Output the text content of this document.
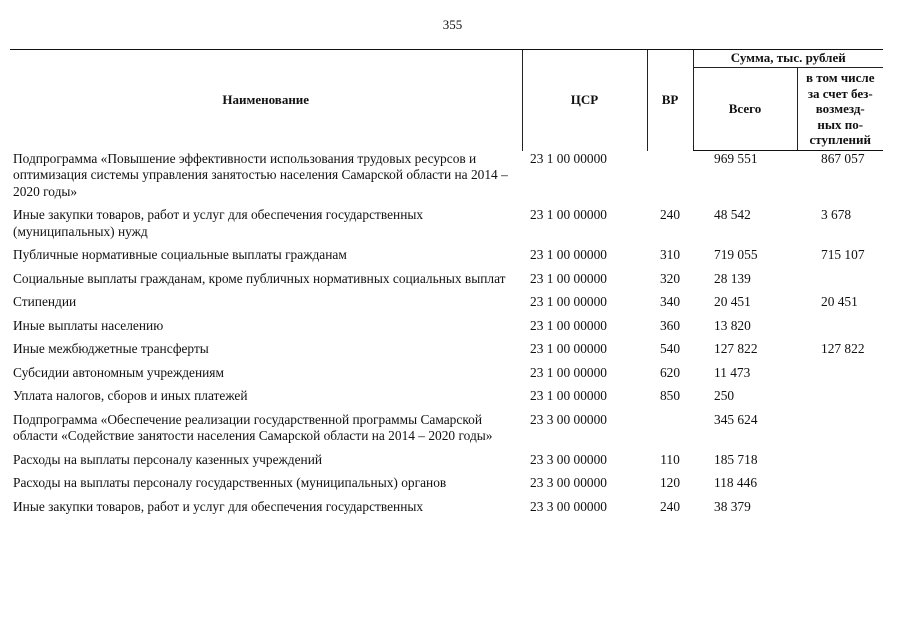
355
Наименование	ЦСР	ВР	Сумма, тыс. рублей	
			Всего	в том числе
за счет без-
возмезд-
ных по-
ступлений
Подпрограмма «Повышение эффективности использования трудовых ресурсов и оптимизация системы управления занятостью населения Самарской области на 2014 – 2020 годы»	23 1 00 00000		969 551	867 057
Иные закупки товаров, работ и услуг для обеспечения государственных (муниципальных) нужд	23 1 00 00000	240	48 542	3 678
Публичные нормативные социальные выплаты гражданам	23 1 00 00000	310	719 055	715 107
Социальные выплаты гражданам, кроме публичных нормативных социальных выплат	23 1 00 00000	320	28 139	
Стипендии	23 1 00 00000	340	20 451	20 451
Иные выплаты населению	23 1 00 00000	360	13 820	
Иные межбюджетные трансферты	23 1 00 00000	540	127 822	127 822
Субсидии автономным учреждениям	23 1 00 00000	620	11 473	
Уплата налогов, сборов и иных платежей	23 1 00 00000	850	250	
Подпрограмма «Обеспечение реализации государственной программы Самарской области «Содействие занятости населения Самарской области на 2014 – 2020 годы»	23 3 00 00000		345 624	
Расходы на выплаты персоналу казенных учреждений	23 3 00 00000	110	185 718	
Расходы на выплаты персоналу государственных (муниципальных) органов	23 3 00 00000	120	118 446	
Иные закупки товаров, работ и услуг для обеспечения государственных	23 3 00 00000	240	38 379	
